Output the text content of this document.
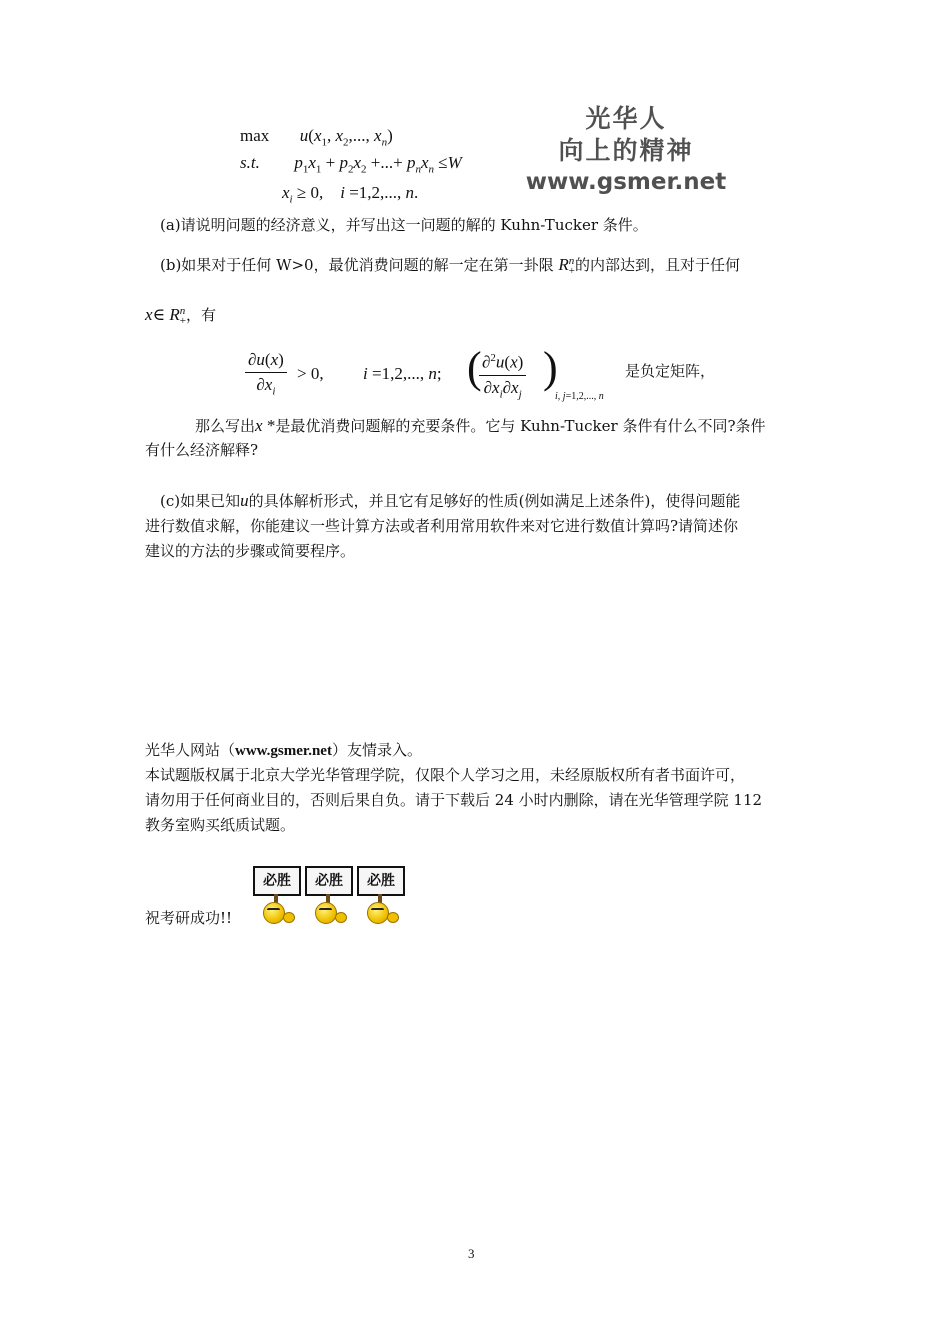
光华人
向上的精神
www.gsmer.net
$\max u(x_1$, $x_2$,..., $x_n$)
s.t. $p_1x_1 + p_2x_2$ +...+ $p_nx_n \le W$
$x_i \ge 0$,    i =1,2,..., n.
(a)请说明问题的经济意义，并写出这一问题的解的 Kuhn-Tucker 条件。
(b)如果对于任何 W>0，最优消费问题的解一定在第一卦限 R n
+ 的内部达到，且对于任何
x∈ R n
+ ，有
$\frac{\partial u(x)}{\partial x_i} > 0$, i =1,2,..., n; (
$\frac{\partial^2u(x)}{\partial x_i\partial x_j}$ )
i, j=1,2,..., n
是负定矩阵，
那么写出x *是最优消费问题解的充要条件。它与 Kuhn-Tucker 条件有什么不同?条件
有什么经济解释?
(c)如果已知u的具体解析形式，并且它有足够好的性质(例如满足上述条件)，使得问题能
进行数值求解，你能建议一些计算方法或者利用常用软件来对它进行数值计算吗?请简述你
建议的方法的步骤或简要程序。
光华人网站（www.gsmer.net）友情录入。
本试题版权属于北京大学光华管理学院，仅限个人学习之用，未经原版权所有者书面许可，
请勿用于任何商业目的，否则后果自负。请于下载后 24 小时内删除，请在光华管理学院 112
教务室购买纸质试题。
祝考研成功!!
必胜	必胜	必胜
3
